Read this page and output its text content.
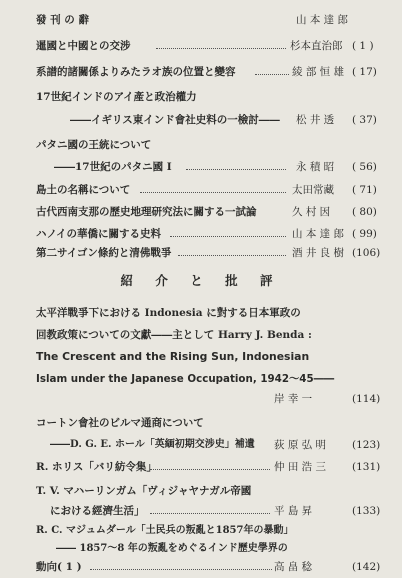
發 刊 の 辭	山 本 達 郎
暹國と中國との交涉	杉本直治郎 ( 1 )
系譜的諸關係よりみたラオ族の位置と變容	綾 部 恒 雄 ( 17)
17世紀インドのアイ產と政治權力
――イギリス東インド會社史料の一檢討―― 松 井 透 ( 37)
パタニ國の王統について
――17世紀のパタニ國 I	永 積 昭 ( 56)
島土の名稱について	太田常藏 ( 71)
古代西南支那の歷史地理研究法に關する一試論	久 村 因 ( 80)
ハノイの華僑に關する史料	山 本 達 郎 ( 99)
第二サイゴン條約と清佛戰爭	酒 井 良 樹 (106)
紹 介 と 批 評
太平洋戰爭下における Indonesia に對する日本軍政の
回教政策についての文獻――主として Harry J. Benda :
The Crescent and the Rising Sun, Indonesian
Islam under the Japanese Occupation, 1942～45――
岸 幸 一	(114)
コートン會社のビルマ通商について
――D. G. E. ホール「英緬初期交涉史」補遺 荻 原 弘 明 (123)
R. ホリス「バリ紡令集」	仲 田 浩 三 (131)
T. V. マハーリンガム「ヴィジャヤナガル帝國
における經濟生活」	平 島 昇	(133)
R. C. マジュムダール「土民兵の叛亂と1857年の暴動」
―― 1857～8 年の叛亂をめぐるインド歷史學界の
動向( 1 )	高 畠 稔	(142)
